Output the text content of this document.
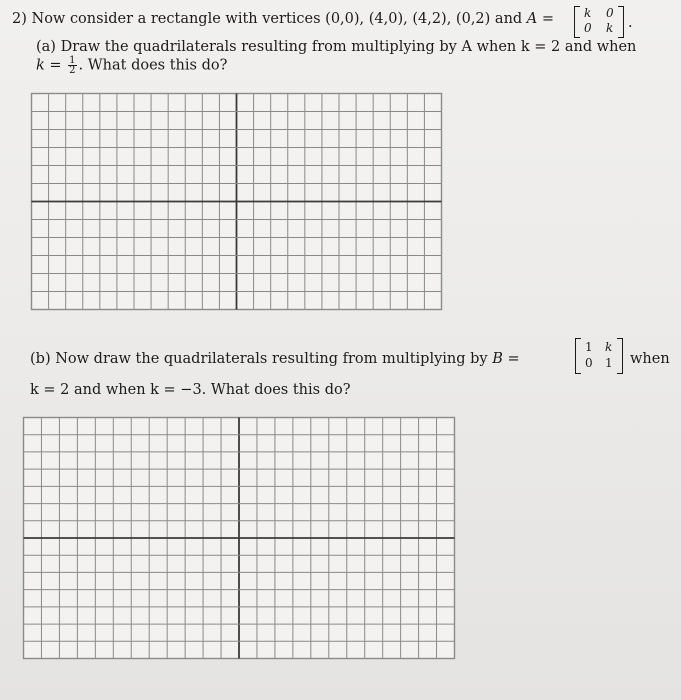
2) Now consider a rectangle with vertices (0,0), (4,0), (4,2), (0,2) and A = k 0
0 k .
(a) Draw the quadrilaterals resulting from multiplying by A when k = 2 and when
$k = \frac{1}{2}$ . What does this do?
(b) Now draw the quadrilaterals resulting from multiplying by B =
1 k
0 1 when
k = 2 and when k = −3. What does this do?
